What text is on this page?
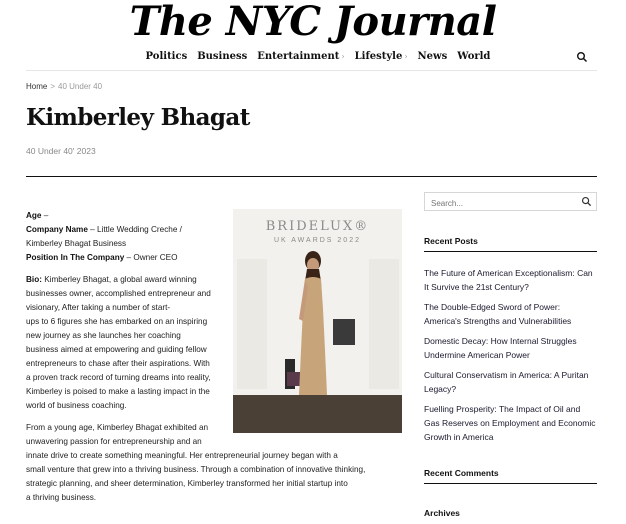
The NYC Journal
Politics Business Entertainment › Lifestyle › News World
Home > 40 Under 40
Kimberley Bhagat
40 Under 40' 2023
BRIDELUX®
UK AWARDS 2022

Age –
Company Name – Little Wedding Creche /
Kimberley Bhagat Business
Position In The Company – Owner CEO

Bio: Kimberley Bhagat, a global award winning
businesses owner, accomplished entrepreneur and
visionary, After taking a number of start-
ups to 6 figures she has embarked on an inspiring
new journey as she launches her coaching
business aimed at empowering and guiding fellow
entrepreneurs to chase after their aspirations. With
a proven track record of turning dreams into reality,
Kimberley is poised to make a lasting impact in the
world of business coaching.

From a young age, Kimberley Bhagat exhibited an
unwavering passion for entrepreneurship and an
innate drive to create something meaningful. Her entrepreneurial journey began with a
small venture that grew into a thriving business. Through a combination of innovative thinking,
strategic planning, and sheer determination, Kimberley transformed her initial startup into
a thriving business.

Search...
Recent Posts
The Future of American Exceptionalism: Can It Survive the 21st Century?
The Double-Edged Sword of Power: America's Strengths and Vulnerabilities
Domestic Decay: How Internal Struggles Undermine American Power
Cultural Conservatism in America: A Puritan Legacy?
Fuelling Prosperity: The Impact of Oil and Gas Reserves on Employment and Economic Growth in America
Recent Comments
Archives
